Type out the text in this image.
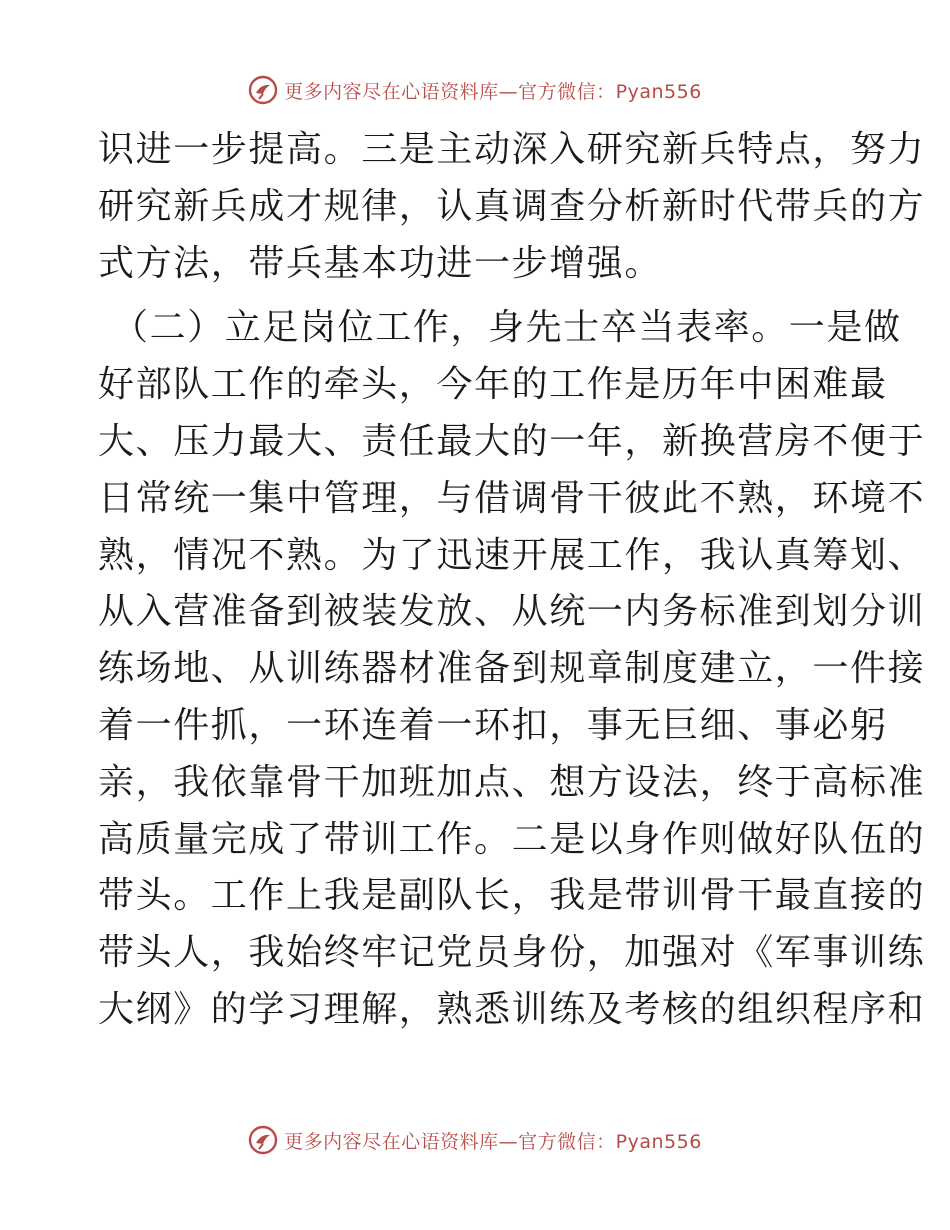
更多内容尽在心语资料库—官方微信：Pyan556
识进一步提高。三是主动深入研究新兵特点，努力
研究新兵成才规律，认真调查分析新时代带兵的方
式方法，带兵基本功进一步增强。
（二）立足岗位工作，身先士卒当表率。一是做
好部队工作的牵头，今年的工作是历年中困难最
大、压力最大、责任最大的一年，新换营房不便于
日常统一集中管理，与借调骨干彼此不熟，环境不
熟，情况不熟。为了迅速开展工作，我认真筹划、
从入营准备到被装发放、从统一内务标准到划分训
练场地、从训练器材准备到规章制度建立，一件接
着一件抓，一环连着一环扣，事无巨细、事必躬
亲，我依靠骨干加班加点、想方设法，终于高标准
高质量完成了带训工作。二是以身作则做好队伍的
带头。工作上我是副队长，我是带训骨干最直接的
带头人，我始终牢记党员身份，加强对《军事训练
大纲》的学习理解，熟悉训练及考核的组织程序和
更多内容尽在心语资料库—官方微信：Pyan556
